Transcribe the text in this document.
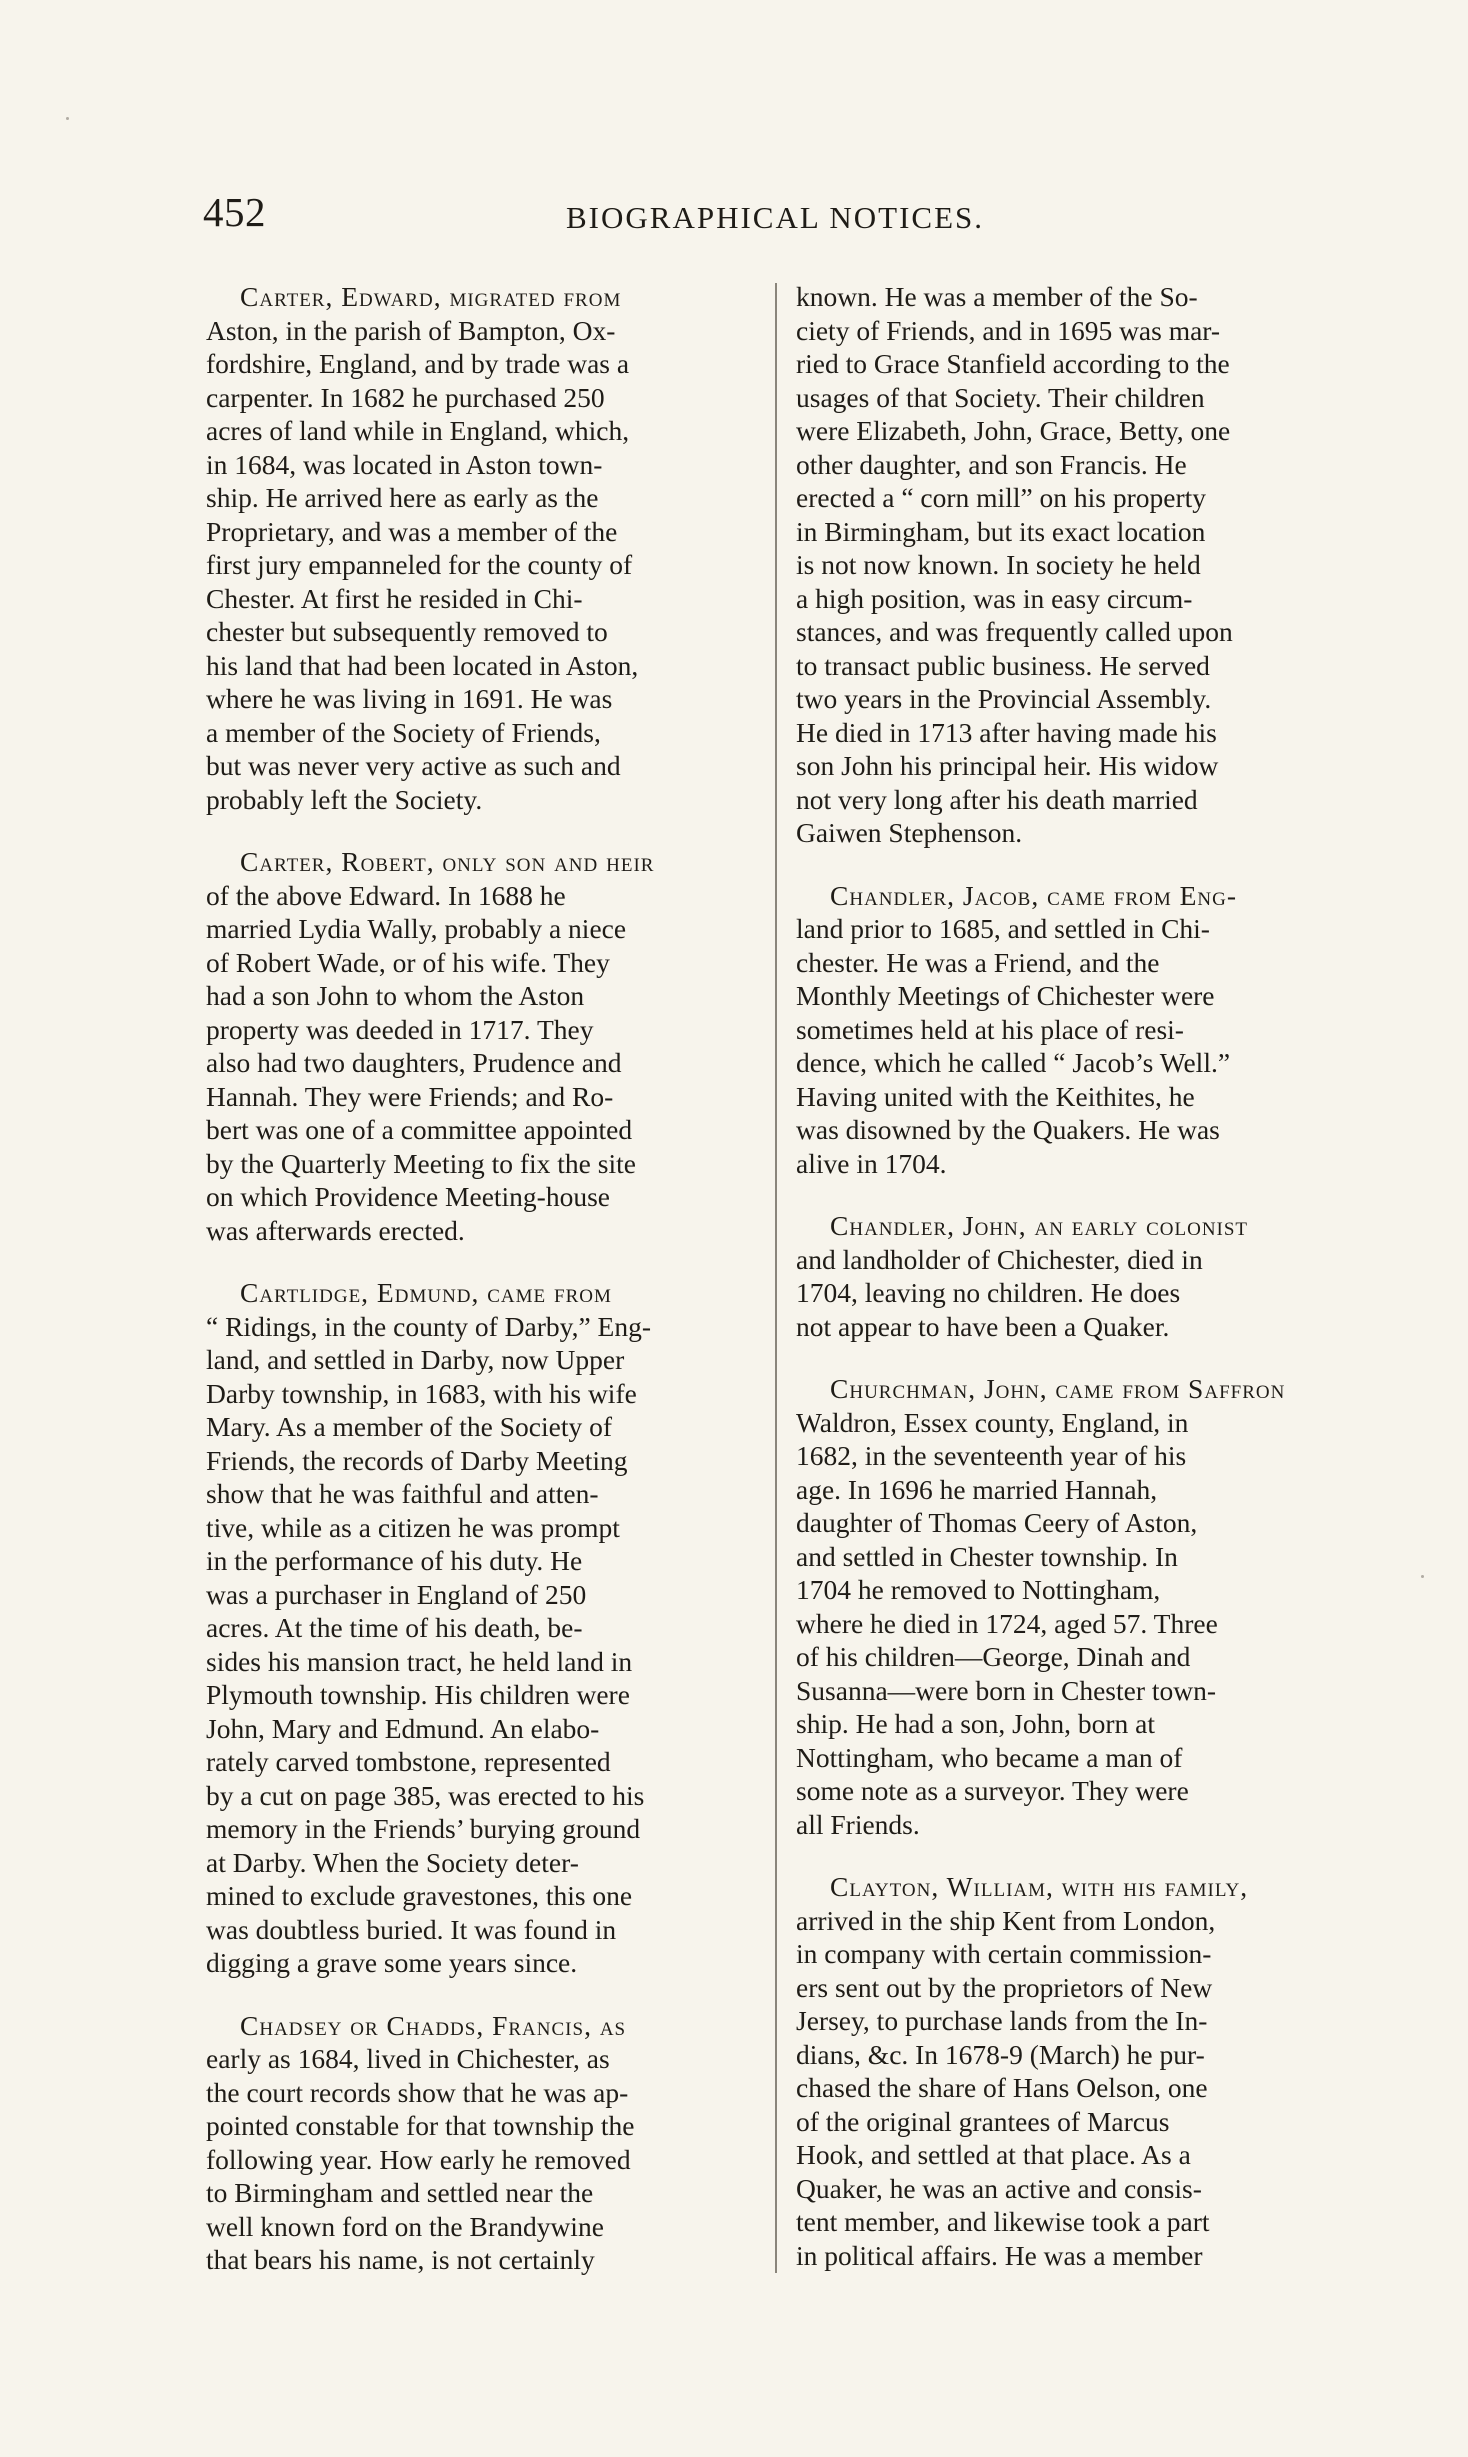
452	BIOGRAPHICAL NOTICES.

Carter, Edward, migrated from

Aston, in the parish of Bampton, Ox-

fordshire, England, and by trade was a

carpenter. In 1682 he purchased 250

acres of land while in England, which,

in 1684, was located in Aston town-

ship. He arrived here as early as the

Proprietary, and was a member of the

first jury empanneled for the county of

Chester. At first he resided in Chi-

chester but subsequently removed to

his land that had been located in Aston,

where he was living in 1691. He was

a member of the Society of Friends,

but was never very active as such and

probably left the Society.

Carter, Robert, only son and heir

of the above Edward. In 1688 he

married Lydia Wally, probably a niece

of Robert Wade, or of his wife. They

had a son John to whom the Aston

property was deeded in 1717. They

also had two daughters, Prudence and

Hannah. They were Friends; and Ro-

bert was one of a committee appointed

by the Quarterly Meeting to fix the site

on which Providence Meeting-house

was afterwards erected.

Cartlidge, Edmund, came from

“ Ridings, in the county of Darby,” Eng-

land, and settled in Darby, now Upper

Darby township, in 1683, with his wife

Mary. As a member of the Society of

Friends, the records of Darby Meeting

show that he was faithful and atten-

tive, while as a citizen he was prompt

in the performance of his duty. He

was a purchaser in England of 250

acres. At the time of his death, be-

sides his mansion tract, he held land in

Plymouth township. His children were

John, Mary and Edmund. An elabo-

rately carved tombstone, represented

by a cut on page 385, was erected to his

memory in the Friends’ burying ground

at Darby. When the Society deter-

mined to exclude gravestones, this one

was doubtless buried. It was found in

digging a grave some years since.

Chadsey or Chadds, Francis, as

early as 1684, lived in Chichester, as

the court records show that he was ap-

pointed constable for that township the

following year. How early he removed

to Birmingham and settled near the

well known ford on the Brandywine

that bears his name, is not certainly

known. He was a member of the So-

ciety of Friends, and in 1695 was mar-

ried to Grace Stanfield according to the

usages of that Society. Their children

were Elizabeth, John, Grace, Betty, one

other daughter, and son Francis. He

erected a “ corn mill” on his property

in Birmingham, but its exact location

is not now known. In society he held

a high position, was in easy circum-

stances, and was frequently called upon

to transact public business. He served

two years in the Provincial Assembly.

He died in 1713 after having made his

son John his principal heir. His widow

not very long after his death married

Gaiwen Stephenson.

Chandler, Jacob, came from Eng-

land prior to 1685, and settled in Chi-

chester. He was a Friend, and the

Monthly Meetings of Chichester were

sometimes held at his place of resi-

dence, which he called “ Jacob’s Well.”

Having united with the Keithites, he

was disowned by the Quakers. He was

alive in 1704.

Chandler, John, an early colonist

and landholder of Chichester, died in

1704, leaving no children. He does

not appear to have been a Quaker.

Churchman, John, came from Saffron

Waldron, Essex county, England, in

1682, in the seventeenth year of his

age. In 1696 he married Hannah,

daughter of Thomas Ceery of Aston,

and settled in Chester township. In

1704 he removed to Nottingham,

where he died in 1724, aged 57. Three

of his children—George, Dinah and

Susanna—were born in Chester town-

ship. He had a son, John, born at

Nottingham, who became a man of

some note as a surveyor. They were

all Friends.

Clayton, William, with his family,

arrived in the ship Kent from London,

in company with certain commission-

ers sent out by the proprietors of New

Jersey, to purchase lands from the In-

dians, &c. In 1678-9 (March) he pur-

chased the share of Hans Oelson, one

of the original grantees of Marcus

Hook, and settled at that place. As a

Quaker, he was an active and consis-

tent member, and likewise took a part

in political affairs. He was a member
